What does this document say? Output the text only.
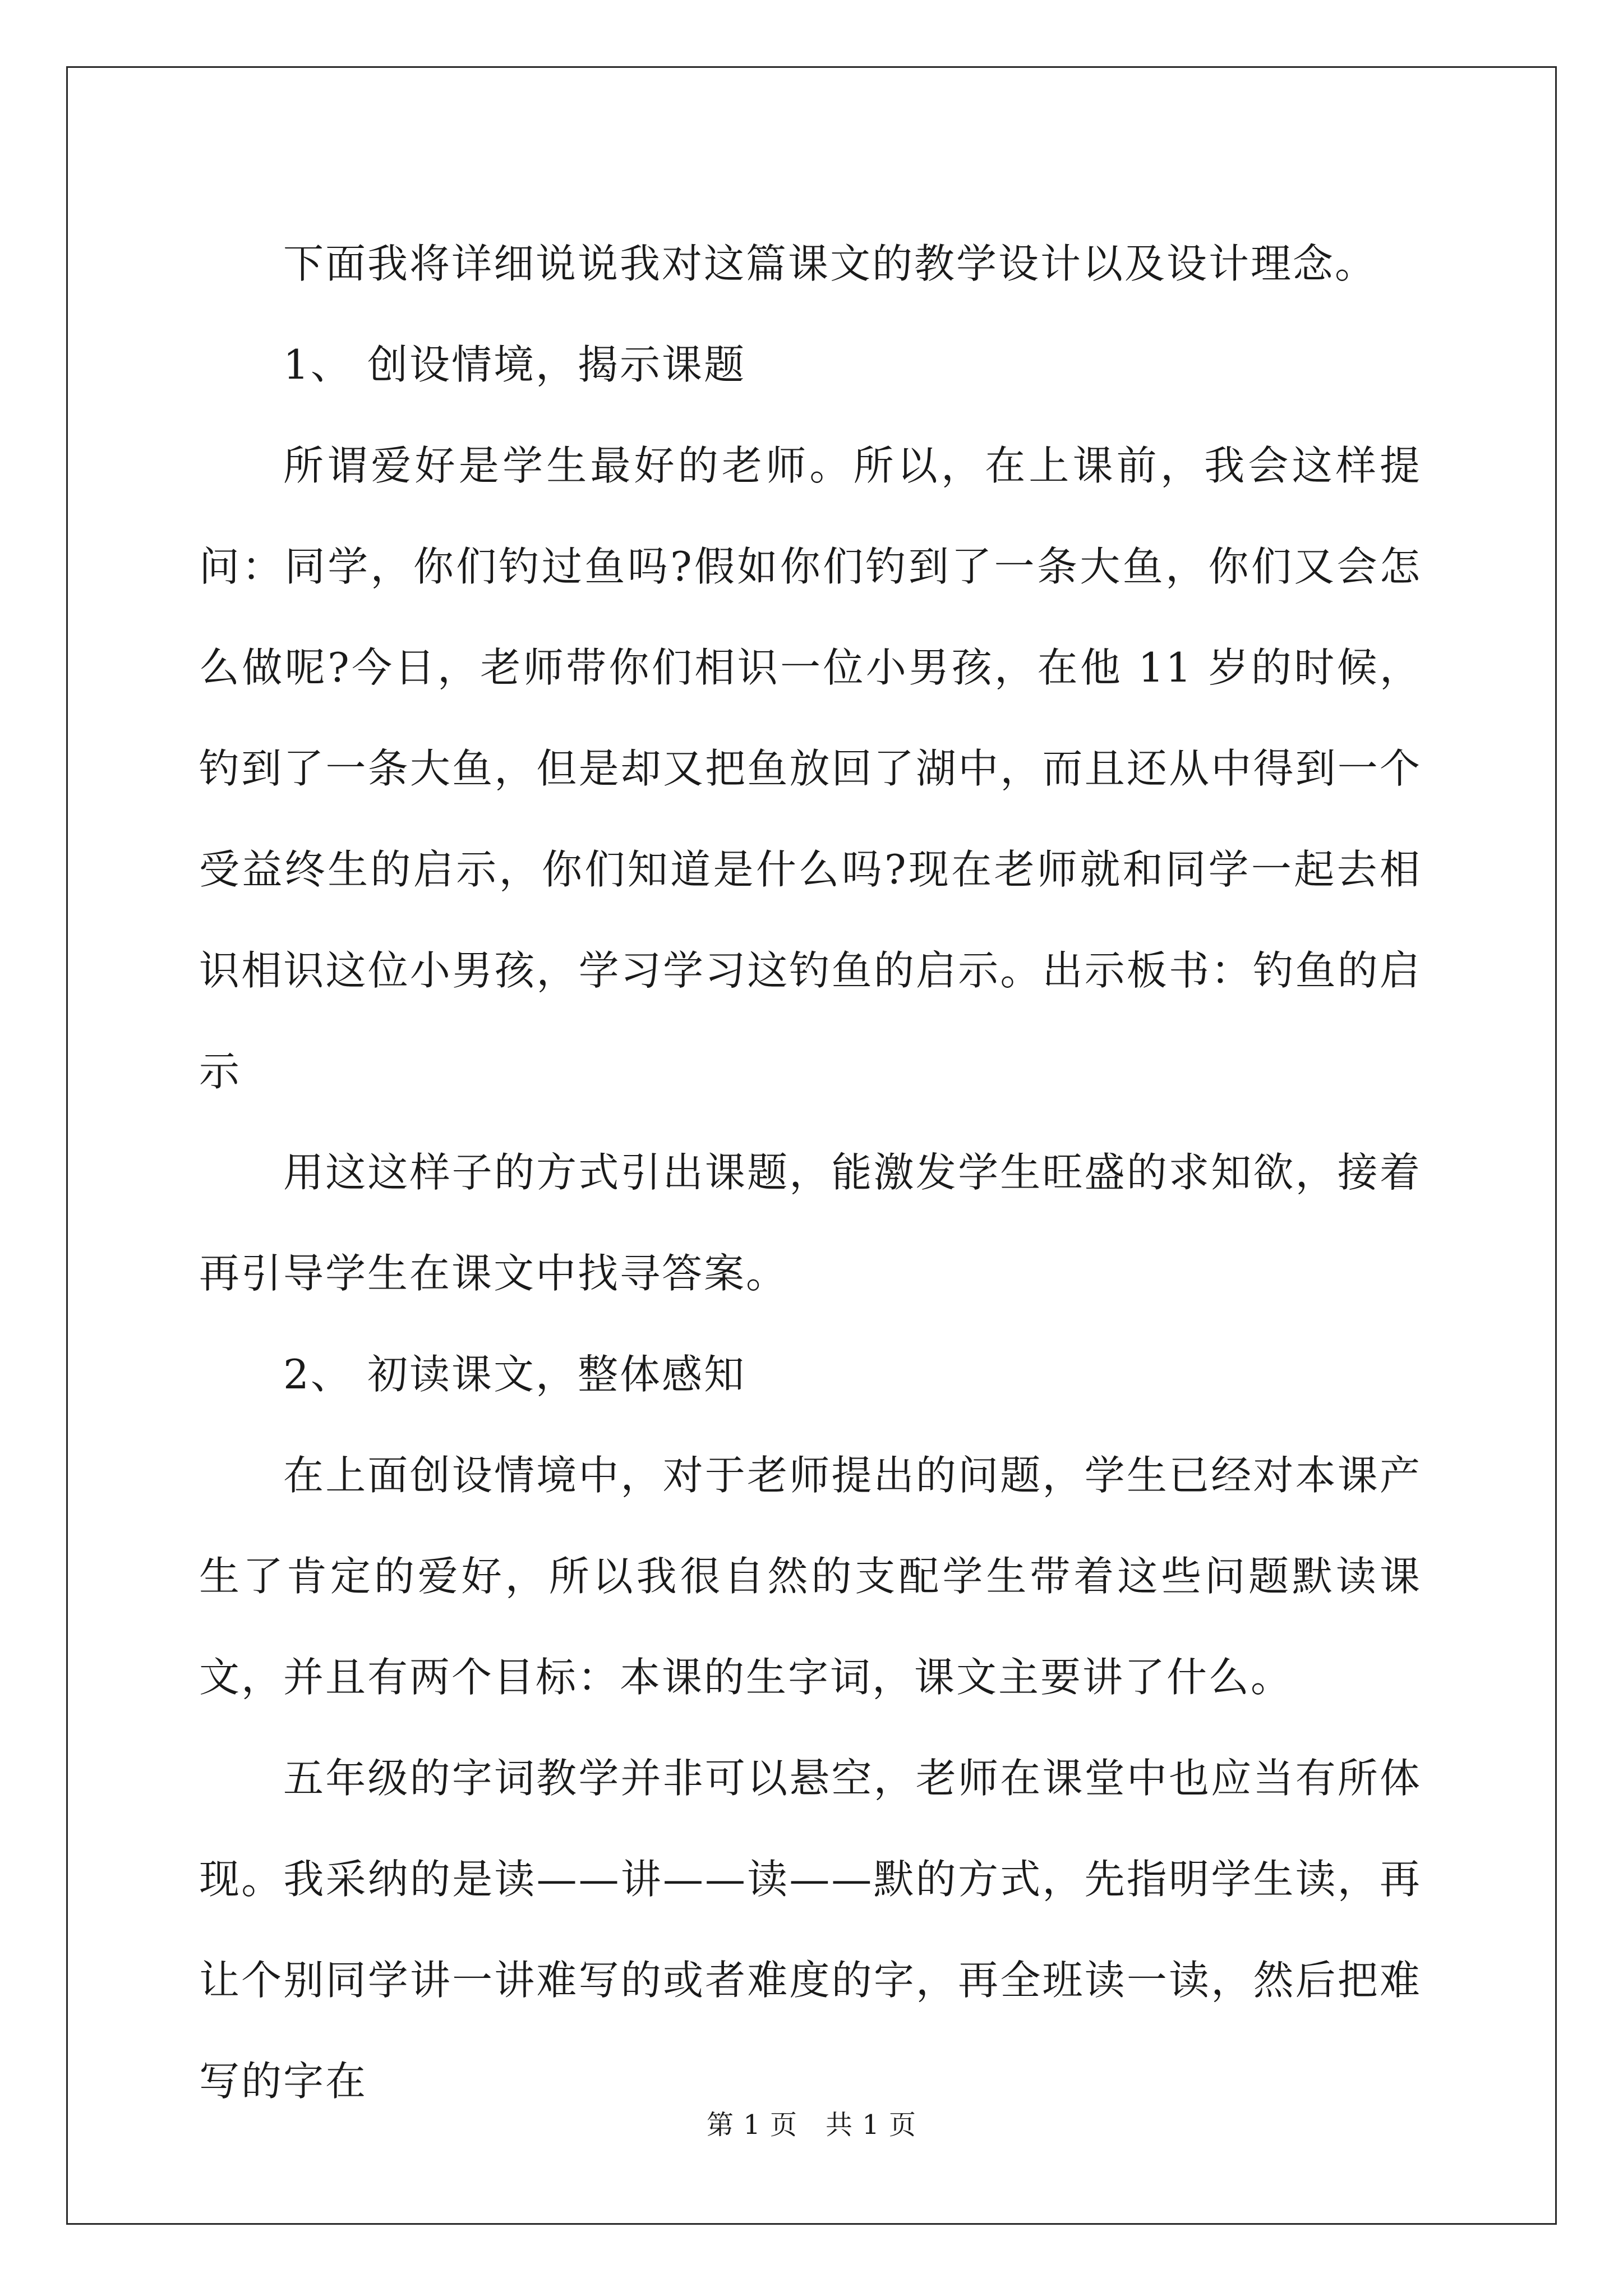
下面我将详细说说我对这篇课文的教学设计以及设计理念。

1、 创设情境，揭示课题

所谓爱好是学生最好的老师。所以，在上课前，我会这样提问：同学，你们钓过鱼吗?假如你们钓到了一条大鱼，你们又会怎么做呢?今日，老师带你们相识一位小男孩，在他 11 岁的时候，钓到了一条大鱼，但是却又把鱼放回了湖中，而且还从中得到一个受益终生的启示，你们知道是什么吗?现在老师就和同学一起去相识相识这位小男孩，学习学习这钓鱼的启示。出示板书：钓鱼的启示

用这这样子的方式引出课题，能激发学生旺盛的求知欲，接着再引导学生在课文中找寻答案。

2、 初读课文，整体感知

在上面创设情境中，对于老师提出的问题，学生已经对本课产生了肯定的爱好，所以我很自然的支配学生带着这些问题默读课文，并且有两个目标：本课的生字词，课文主要讲了什么。

五年级的字词教学并非可以悬空，老师在课堂中也应当有所体现。我采纳的是读——讲——读——默的方式，先指明学生读，再让个别同学讲一讲难写的或者难度的字，再全班读一读，然后把难写的字在

第 1 页 共 1 页
